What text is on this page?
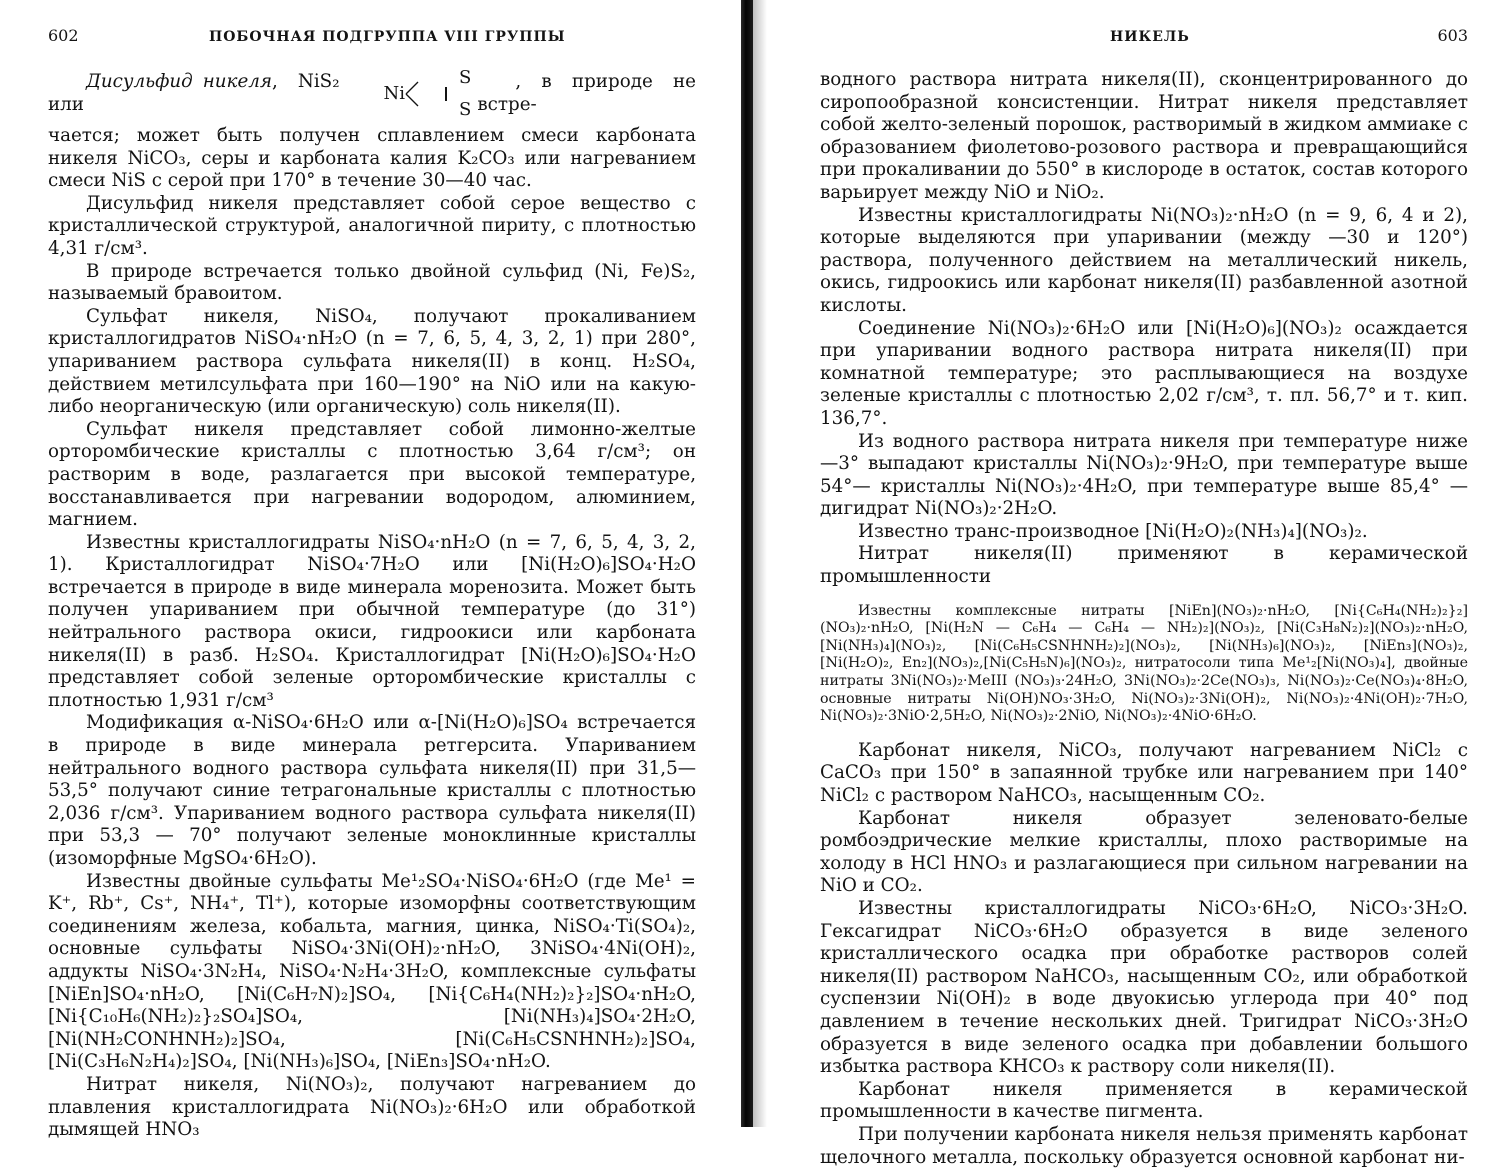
602	ПОБОЧНАЯ ПОДГРУППА VIII ГРУППЫ

Дисульфид никеля,  NiS₂ или
Ni
S
S
, в природе не встре-

чается; может быть получен сплавлением смеси карбоната никеля NiCO₃, серы и карбоната калия K₂CO₃ или нагреванием смеси NiS с серой при 170° в течение 30—40 час.

Дисульфид никеля представляет собой серое вещество с кристаллической структурой, аналогичной пириту, с плотностью 4,31 г/см³.

В природе встречается только двойной сульфид (Ni, Fe)S₂, называемый бравоитом.

Сульфат никеля, NiSO₄, получают прокаливанием кристаллогидратов NiSO₄·nH₂O (n = 7, 6, 5, 4, 3, 2, 1) при 280°, упариванием раствора сульфата никеля(II) в конц. H₂SO₄, действием метилсульфата при 160—190° на NiO или на какую-либо неорганическую (или органическую) соль никеля(II).

Сульфат никеля представляет собой лимонно-желтые орторомбические кристаллы с плотностью 3,64 г/см³; он растворим в воде, разлагается при высокой температуре, восстанавливается при нагревании водородом, алюминием, магнием.

Известны кристаллогидраты NiSO₄·nH₂O (n = 7, 6, 5, 4, 3, 2, 1). Кристаллогидрат NiSO₄·7H₂O или [Ni(H₂O)₆]SO₄·H₂O встречается в природе в виде минерала моренозита. Может быть получен упариванием при обычной температуре (до 31°) нейтрального раствора окиси, гидроокиси или карбоната никеля(II) в разб. H₂SO₄. Кристаллогидрат [Ni(H₂O)₆]SO₄·H₂O представляет собой зеленые орторомбические кристаллы с плотностью 1,931 г/см³

Модификация α-NiSO₄·6H₂O или α-[Ni(H₂O)₆]SO₄ встречается в природе в виде минерала ретгерсита. Упариванием нейтрального водного раствора сульфата никеля(II) при 31,5—53,5° получают синие тетрагональные кристаллы с плотностью 2,036 г/см³. Упариванием водного раствора сульфата никеля(II) при 53,3 — 70° получают зеленые моноклинные кристаллы (изоморфные MgSO₄·6H₂O).

Известны двойные сульфаты Me¹₂SO₄·NiSO₄·6H₂O (где Me¹ = K⁺, Rb⁺, Cs⁺, NH₄⁺, Tl⁺), которые изоморфны соответствующим соединениям железа, кобальта, магния, цинка, NiSO₄·Ti(SO₄)₂, основные сульфаты NiSO₄·3Ni(OH)₂·nH₂O, 3NiSO₄·4Ni(OH)₂, аддукты NiSO₄·3N₂H₄, NiSO₄·N₂H₄·3H₂O, комплексные сульфаты [NiEn]SO₄·nH₂O, [Ni(C₆H₇N)₂]SO₄, [Ni{C₆H₄(NH₂)₂}₂]SO₄·nH₂O, [Ni{C₁₀H₆(NH₂)₂}₂SO₄]SO₄, [Ni(NH₃)₄]SO₄·2H₂O, [Ni(NH₂CONHNH₂)₂]SO₄, [Ni(C₆H₅CSNHNH₂)₂]SO₄, [Ni(C₃H₆N₂H₄)₂]SO₄, [Ni(NH₃)₆]SO₄, [NiEn₃]SO₄·nH₂O.

Нитрат никеля, Ni(NO₃)₂, получают нагреванием до плавления кристаллогидрата Ni(NO₃)₂·6H₂O или обработкой дымящей HNO₃

НИКЕЛЬ	603

водного раствора нитрата никеля(II), сконцентрированного до сиропообразной консистенции. Нитрат никеля представляет собой желто-зеленый порошок, растворимый в жидком аммиаке с образованием фиолетово-розового раствора и превращающийся при прокаливании до 550° в кислороде в остаток, состав которого варьирует между NiO и NiO₂.

Известны кристаллогидраты Ni(NO₃)₂·nH₂O (n = 9, 6, 4 и 2), которые выделяются при упаривании (между —30 и 120°) раствора, полученного действием на металлический никель, окись, гидроокись или карбонат никеля(II) разбавленной азотной кислоты.

Соединение Ni(NO₃)₂·6H₂O или [Ni(H₂O)₆](NO₃)₂ осаждается при упаривании водного раствора нитрата никеля(II) при комнатной температуре; это расплывающиеся на воздухе зеленые кристаллы с плотностью 2,02 г/см³, т. пл. 56,7° и т. кип. 136,7°.

Из водного раствора нитрата никеля при температуре ниже —3° выпадают кристаллы Ni(NO₃)₂·9H₂O, при температуре выше 54°— кристаллы Ni(NO₃)₂·4H₂O, при температуре выше 85,4° — дигидрат Ni(NO₃)₂·2H₂O.

Известно транс-производное [Ni(H₂O)₂(NH₃)₄](NO₃)₂.

Нитрат никеля(II) применяют в керамической промышленности

Известны комплексные нитраты [NiEn](NO₃)₂·nH₂O, [Ni{C₆H₄(NH₂)₂}₂](NO₃)₂·nH₂O, [Ni(H₂N — C₆H₄ — C₆H₄ — NH₂)₂](NO₃)₂, [Ni(C₃H₈N₂)₂](NO₃)₂·nH₂O, [Ni(NH₃)₄](NO₃)₂, [Ni(C₆H₅CSNHNH₂)₂](NO₃)₂, [Ni(NH₃)₆](NO₃)₂, [NiEn₃](NO₃)₂, [Ni(H₂O)₂, En₂](NO₃)₂,[Ni(C₅H₅N)₆](NO₃)₂, нитратосоли типа Me¹₂[Ni(NO₃)₄], двойные нитраты 3Ni(NO₃)₂·MeIII (NO₃)₃·24H₂O, 3Ni(NO₃)₂·2Ce(NO₃)₃, Ni(NO₃)₂·Ce(NO₃)₄·8H₂O, основные нитраты Ni(OH)NO₃·3H₂O, Ni(NO₃)₂·3Ni(OH)₂, Ni(NO₃)₂·4Ni(OH)₂·7H₂O, Ni(NO₃)₂·3NiO·2,5H₂O, Ni(NO₃)₂·2NiO, Ni(NO₃)₂·4NiO·6H₂O.

Карбонат никеля, NiCO₃, получают нагреванием NiCl₂ с CaCO₃ при 150° в запаянной трубке или нагреванием при 140° NiCl₂ с раствором NaHCO₃, насыщенным CO₂.

Карбонат никеля образует зеленовато-белые ромбоэдрические мелкие кристаллы, плохо растворимые на холоду в HCl HNO₃ и разлагающиеся при сильном нагревании на NiO и CO₂.

Известны кристаллогидраты NiCO₃·6H₂O, NiCO₃·3H₂O. Гексагидрат NiCO₃·6H₂O образуется в виде зеленого кристаллического осадка при обработке растворов солей никеля(II) раствором NaHCO₃, насыщенным CO₂, или обработкой суспензии Ni(OH)₂ в воде двуокисью углерода при 40° под давлением в течение нескольких дней. Тригидрат NiCO₃·3H₂O образуется в виде зеленого осадка при добавлении большого избытка раствора KHCO₃ к раствору соли никеля(II).

Карбонат никеля применяется в керамической промышленности в качестве пигмента.

При получении карбоната никеля нельзя применять карбонат щелочного металла, поскольку образуется основной карбонат ни-
